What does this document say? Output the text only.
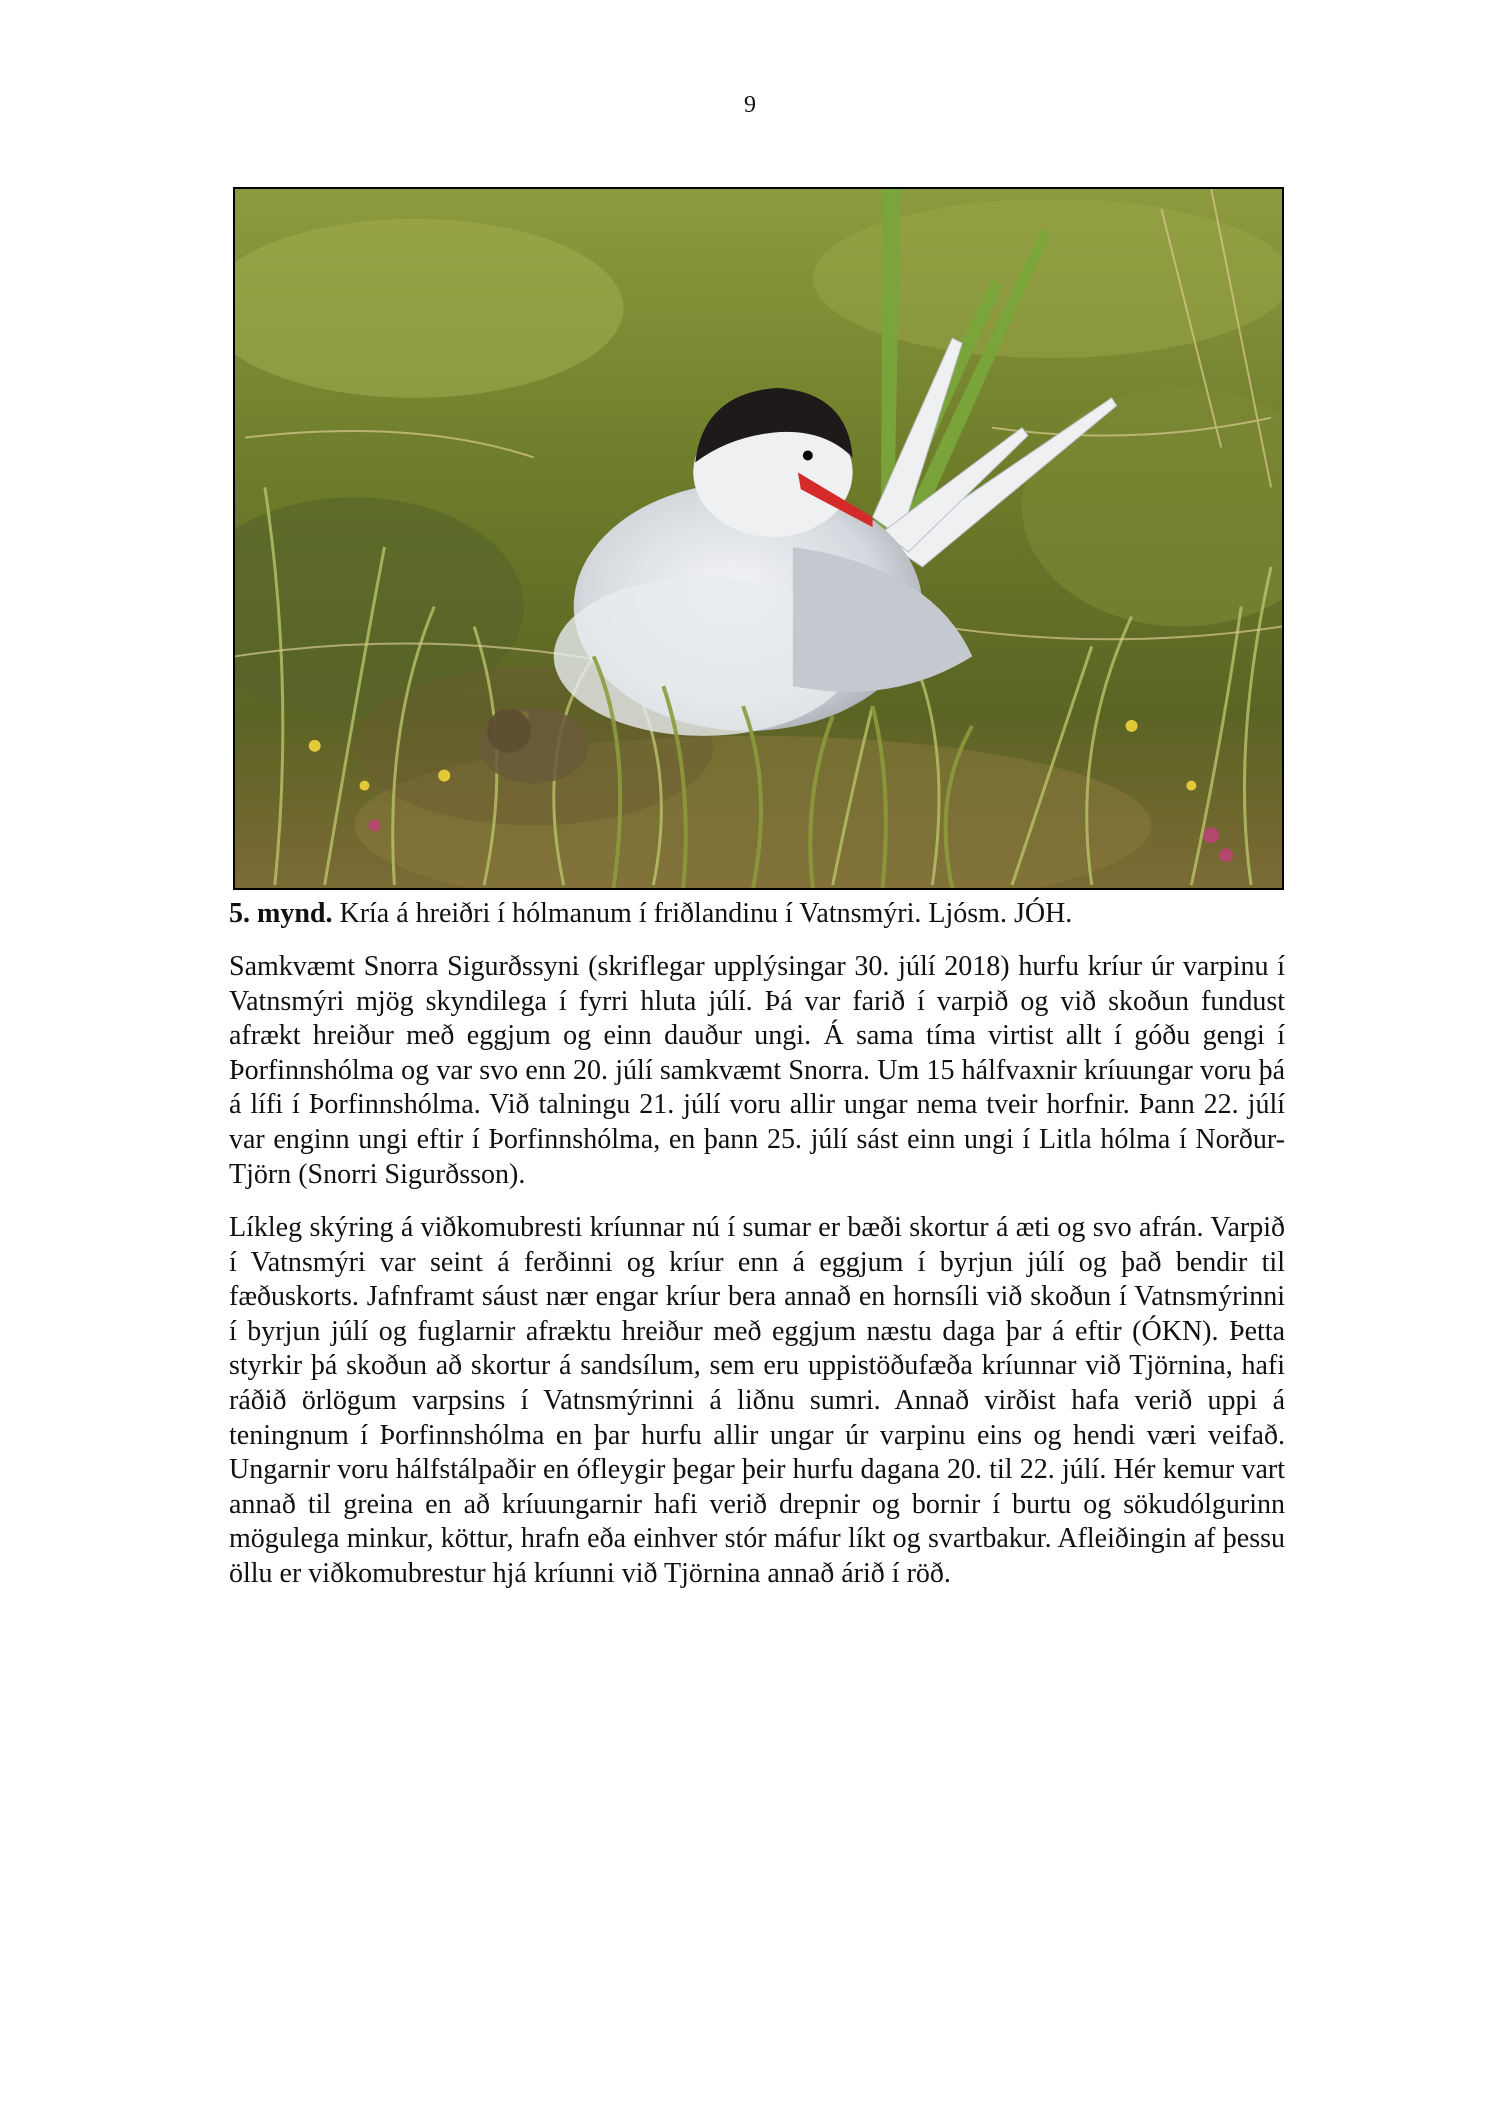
9
5. mynd. Kría á hreiðri í hólmanum í friðlandinu í Vatnsmýri. Ljósm. JÓH.

Samkvæmt Snorra Sigurðssyni (skriflegar upplýsingar 30. júlí 2018) hurfu kríur úr varpinu í Vatnsmýri mjög skyndilega í fyrri hluta júlí. Þá var farið í varpið og við skoðun fundust afrækt hreiður með eggjum og einn dauður ungi. Á sama tíma virtist allt í góðu gengi í Þorfinnshólma og var svo enn 20. júlí samkvæmt Snorra. Um 15 hálfvaxnir kríuungar voru þá á lífi í Þorfinnshólma. Við talningu 21. júlí voru allir ungar nema tveir horfnir. Þann 22. júlí var enginn ungi eftir í Þorfinnshólma, en þann 25. júlí sást einn ungi í Litla hólma í Norður-Tjörn (Snorri Sigurðsson).

Líkleg skýring á viðkomubresti kríunnar nú í sumar er bæði skortur á æti og svo afrán. Varpið í Vatnsmýri var seint á ferðinni og kríur enn á eggjum í byrjun júlí og það bendir til fæðuskorts. Jafnframt sáust nær engar kríur bera annað en hornsíli við skoðun í Vatnsmýrinni í byrjun júlí og fuglarnir afræktu hreiður með eggjum næstu daga þar á eftir (ÓKN). Þetta styrkir þá skoðun að skortur á sandsílum, sem eru uppistöðufæða kríunnar við Tjörnina, hafi ráðið örlögum varpsins í Vatnsmýrinni á liðnu sumri. Annað virðist hafa verið uppi á teningnum í Þorfinnshólma en þar hurfu allir ungar úr varpinu eins og hendi væri veifað. Ungarnir voru hálfstálpaðir en ófleygir þegar þeir hurfu dagana 20. til 22. júlí. Hér kemur vart annað til greina en að kríuungarnir hafi verið drepnir og bornir í burtu og sökudólgurinn mögulega minkur, köttur, hrafn eða einhver stór máfur líkt og svartbakur. Afleiðingin af þessu öllu er viðkomubrestur hjá kríunni við Tjörnina annað árið í röð.
